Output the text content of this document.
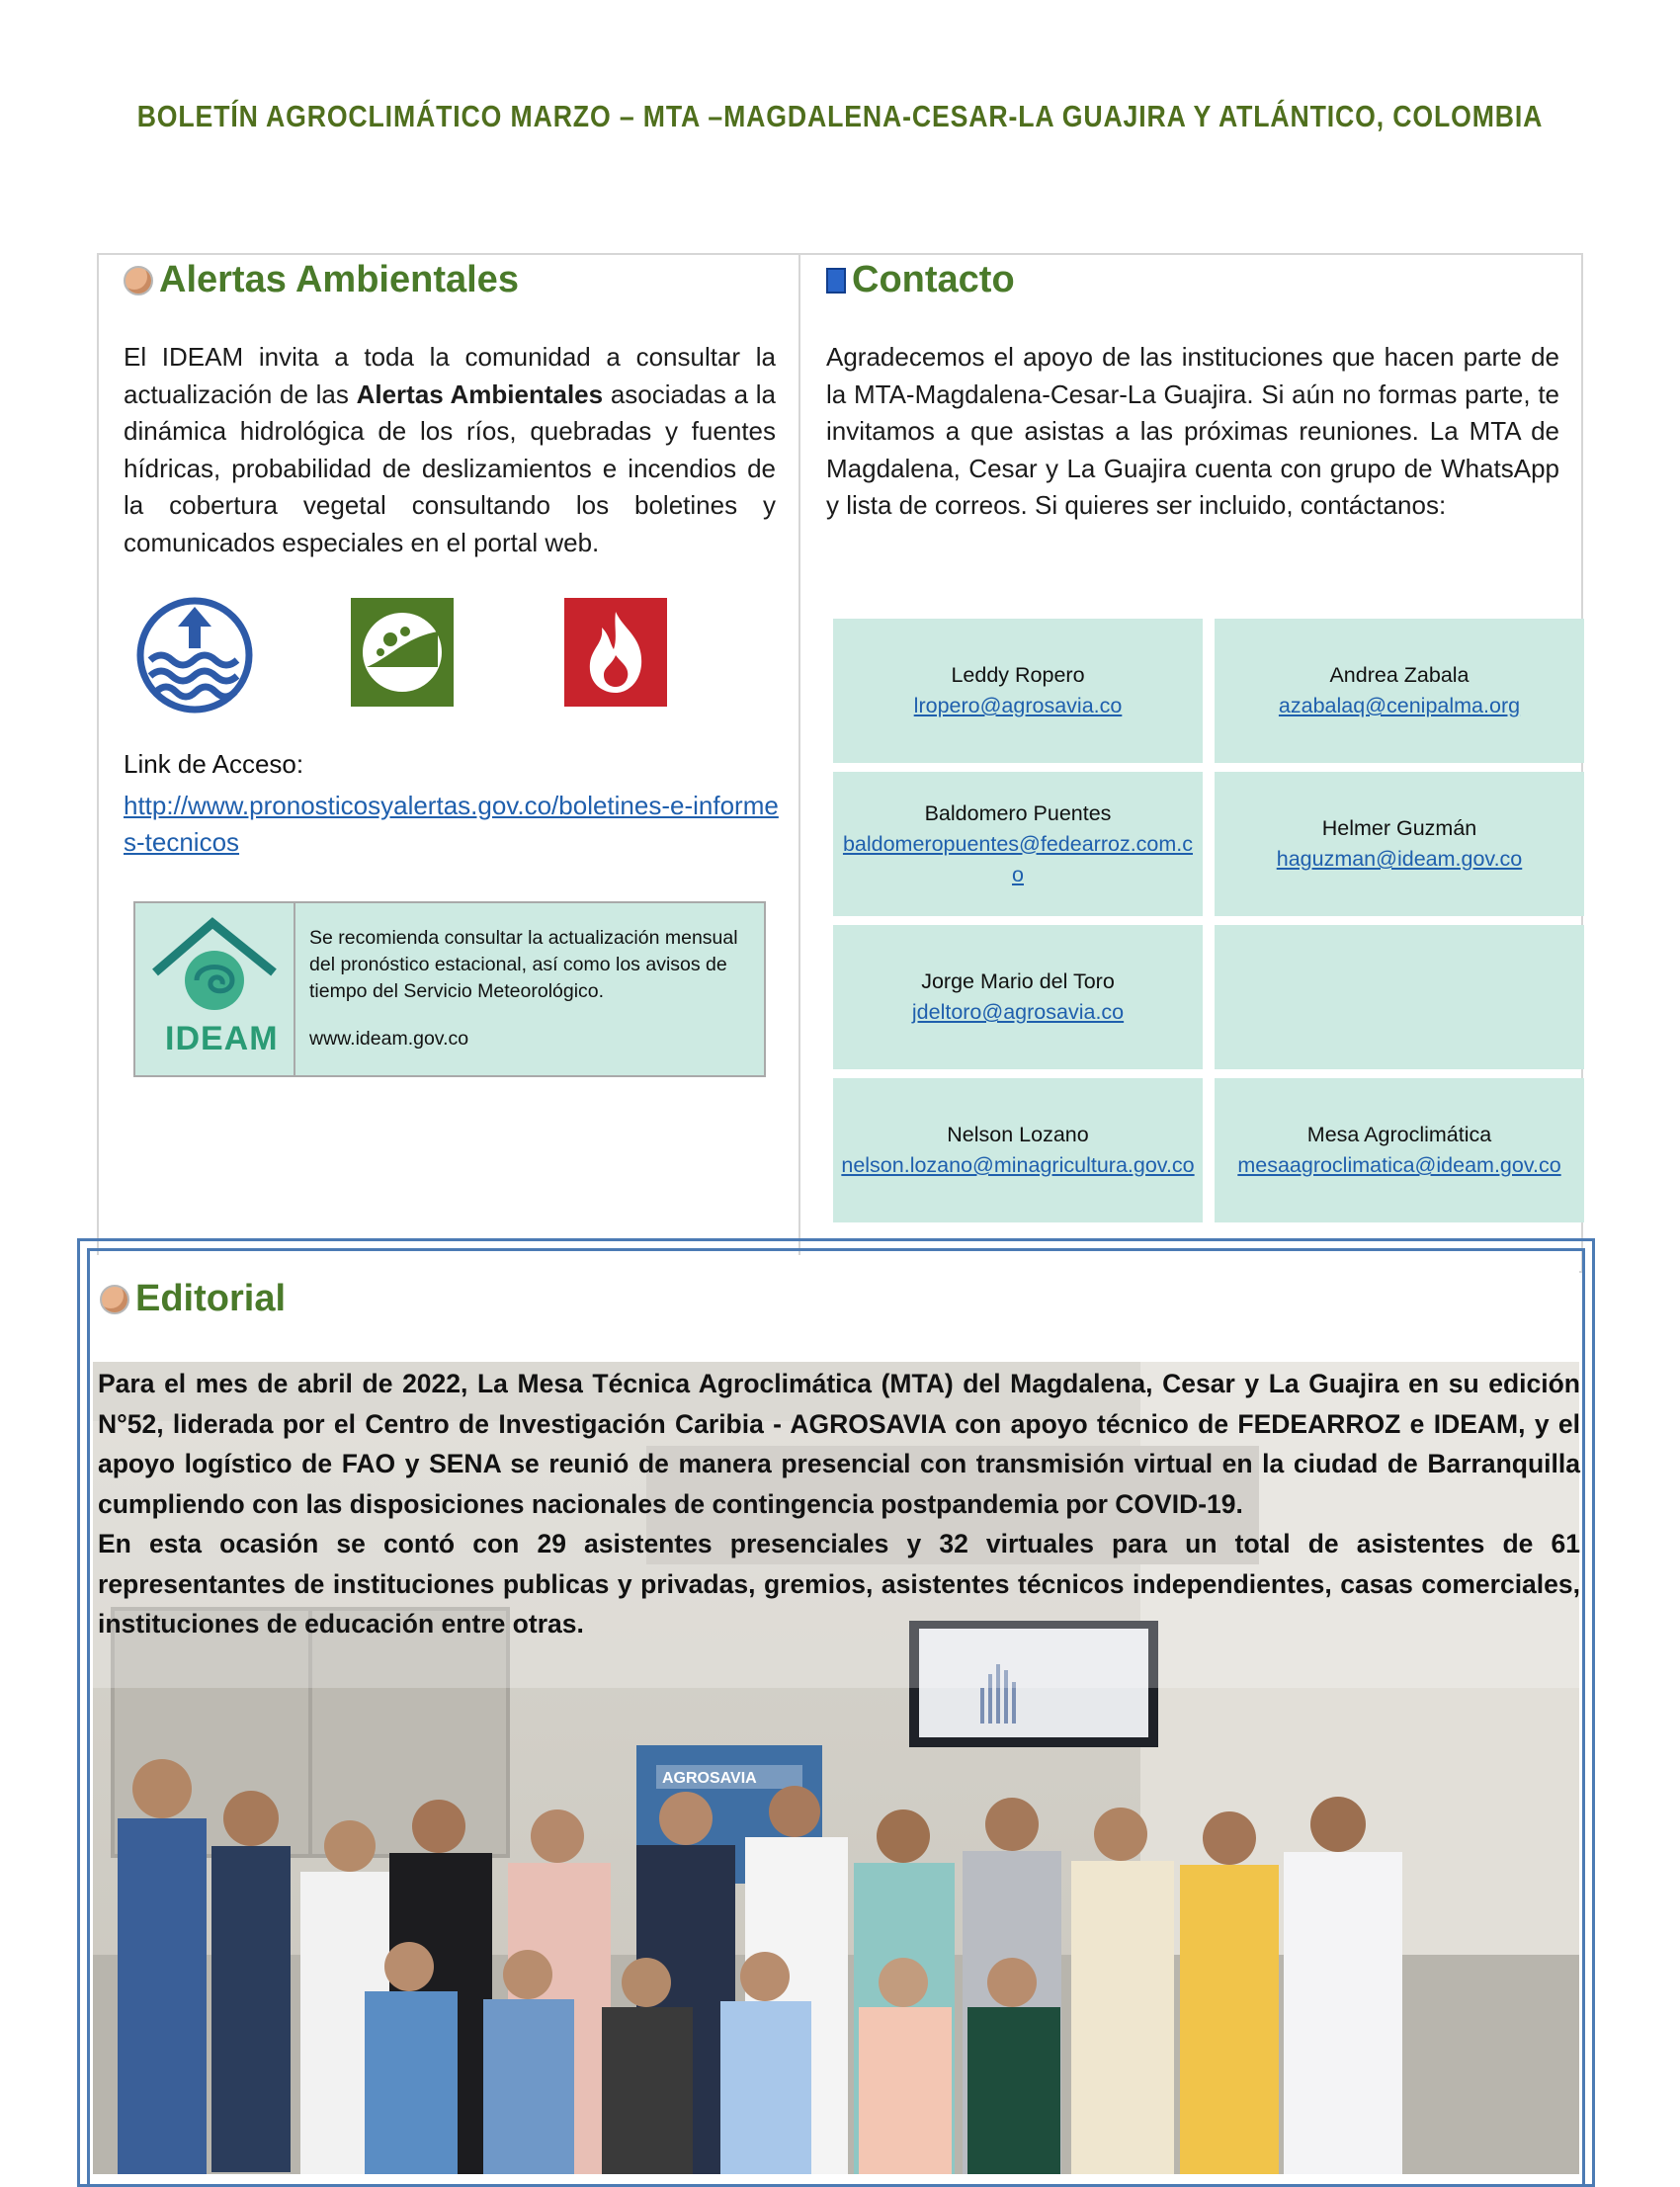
BOLETÍN AGROCLIMÁTICO MARZO – MTA –MAGDALENA-CESAR-LA GUAJIRA Y ATLÁNTICO, COLOMBIA
Alertas Ambientales
El IDEAM invita a toda la comunidad a consultar la actualización de las Alertas Ambientales asociadas a la dinámica hidrológica de los ríos, quebradas y fuentes hídricas, probabilidad de deslizamientos e incendios de la cobertura vegetal consultando los boletines y comunicados especiales en el portal web.
Link de Acceso:
http://www.pronosticosyalertas.gov.co/boletines-e-informes-tecnicos
IDEAM
Se recomienda consultar la actualización mensual del pronóstico estacional, así como los avisos de tiempo del Servicio Meteorológico.
www.ideam.gov.co
Contacto
Agradecemos el apoyo de las instituciones que hacen parte de la MTA-Magdalena-Cesar-La Guajira. Si aún no formas parte, te invitamos a que asistas a las próximas reuniones. La MTA de Magdalena, Cesar y La Guajira cuenta con grupo de WhatsApp y lista de correos. Si quieres ser incluido, contáctanos:
Leddy Ropero
lropero@agrosavia.co
Andrea Zabala
azabalaq@cenipalma.org
Baldomero Puentes
baldomeropuentes@fedearroz.com.co
Helmer Guzmán
haguzman@ideam.gov.co
Jorge Mario del Toro
jdeltoro@agrosavia.co
Nelson Lozano
nelson.lozano@minagricultura.gov.co
Mesa Agroclimática
mesaagroclimatica@ideam.gov.co
Editorial
AGROSAVIA

Para el mes de abril de 2022, La Mesa Técnica Agroclimática (MTA) del Magdalena, Cesar y La Guajira en su edición N°52, liderada por el Centro de Investigación Caribia - AGROSAVIA con apoyo técnico de FEDEARROZ e IDEAM, y el apoyo logístico de FAO y SENA se reunió de manera presencial con transmisión virtual en la ciudad de Barranquilla cumpliendo con las disposiciones nacionales de contingencia postpandemia por COVID-19.

En esta ocasión se contó con 29 asistentes presenciales y 32 virtuales para un total de asistentes de 61 representantes de instituciones publicas y privadas, gremios, asistentes técnicos independientes, casas comerciales, instituciones de educación entre otras.
